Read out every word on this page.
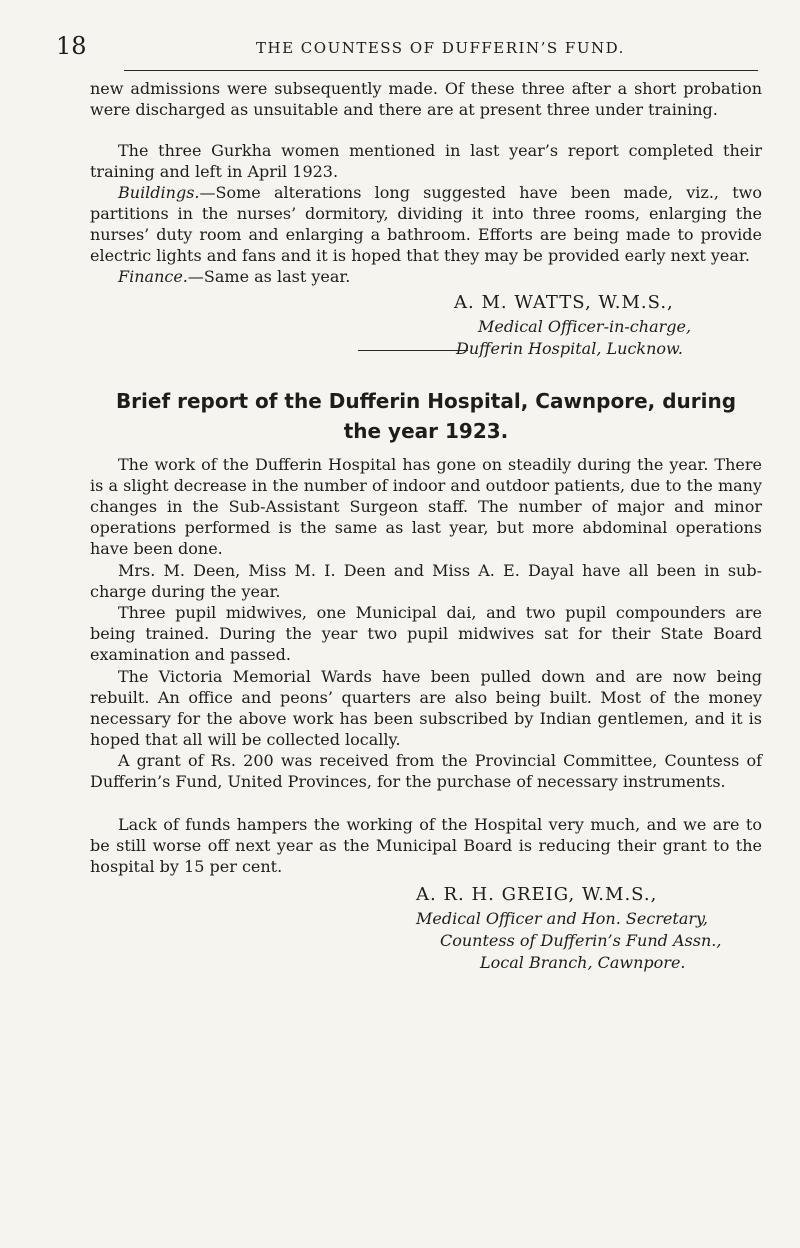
18	THE COUNTESS OF DUFFERIN’S FUND.

new admissions were subsequently made. Of these three after a short probation were discharged as unsuitable and there are at present three under training.

The three Gurkha women mentioned in last year’s report completed their training and left in April 1923.

Buildings.—Some alterations long suggested have been made, viz., two partitions in the nurses’ dormitory, dividing it into three rooms, enlarging the nurses’ duty room and enlarging a bathroom. Efforts are being made to provide electric lights and fans and it is hoped that they may be provided early next year.

Finance.—Same as last year.

A. M. WATTS, W.M.S.,
Medical Officer-in-charge,
Dufferin Hospital, Lucknow.
Brief report of the Dufferin Hospital, Cawnpore, during
the year 1923.

The work of the Dufferin Hospital has gone on steadily during the year. There is a slight decrease in the number of indoor and outdoor patients, due to the many changes in the Sub-Assistant Surgeon staff. The number of major and minor operations performed is the same as last year, but more abdominal operations have been done.

Mrs. M. Deen, Miss M. I. Deen and Miss A. E. Dayal have all been in sub-charge during the year.

Three pupil midwives, one Municipal dai, and two pupil compounders are being trained. During the year two pupil midwives sat for their State Board examination and passed.

The Victoria Memorial Wards have been pulled down and are now being rebuilt. An office and peons’ quarters are also being built. Most of the money necessary for the above work has been subscribed by Indian gentlemen, and it is hoped that all will be collected locally.

A grant of Rs. 200 was received from the Provincial Committee, Countess of Dufferin’s Fund, United Provinces, for the purchase of necessary instruments.

Lack of funds hampers the working of the Hospital very much, and we are to be still worse off next year as the Municipal Board is reducing their grant to the hospital by 15 per cent.

A. R. H. GREIG, W.M.S.,
Medical Officer and Hon. Secretary,
Countess of Dufferin’s Fund Assn.,
Local Branch, Cawnpore.
